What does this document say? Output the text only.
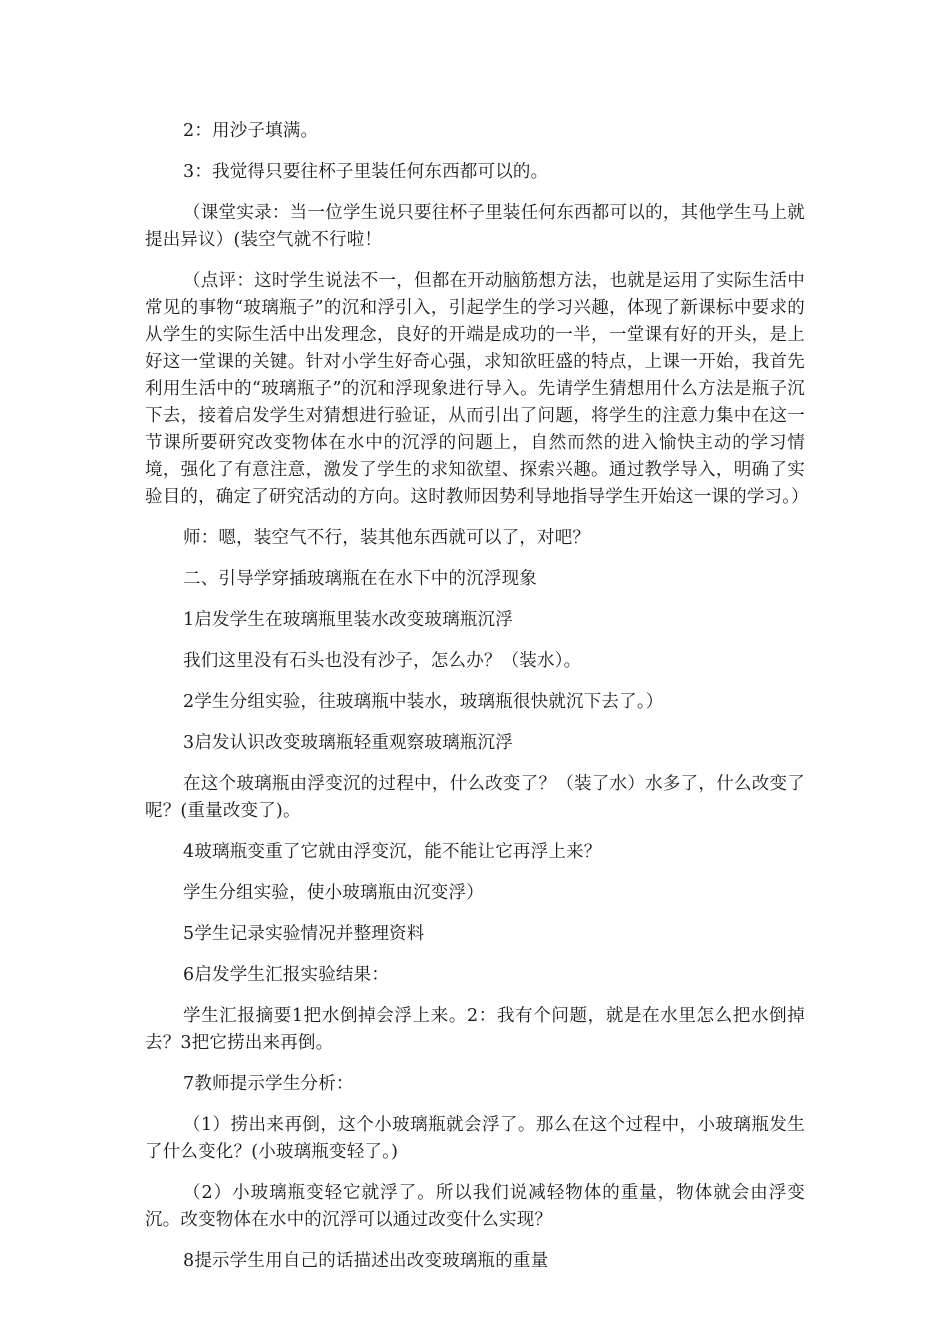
2：用沙子填满。

3：我觉得只要往杯子里装任何东西都可以的。

（课堂实录：当一位学生说只要往杯子里装任何东西都可以的，其他学生马上就提出异议）(装空气就不行啦！

（点评：这时学生说法不一，但都在开动脑筋想方法，也就是运用了实际生活中常见的事物“玻璃瓶子”的沉和浮引入，引起学生的学习兴趣，体现了新课标中要求的从学生的实际生活中出发理念，良好的开端是成功的一半，一堂课有好的开头，是上好这一堂课的关键。针对小学生好奇心强，求知欲旺盛的特点，上课一开始，我首先利用生活中的“玻璃瓶子”的沉和浮现象进行导入。先请学生猜想用什么方法是瓶子沉下去，接着启发学生对猜想进行验证，从而引出了问题，将学生的注意力集中在这一节课所要研究改变物体在水中的沉浮的问题上，自然而然的进入愉快主动的学习情境，强化了有意注意，激发了学生的求知欲望、探索兴趣。通过教学导入，明确了实验目的，确定了研究活动的方向。这时教师因势利导地指导学生开始这一课的学习。）

师：嗯，装空气不行，装其他东西就可以了，对吧？

二、引导学穿插玻璃瓶在在水下中的沉浮现象

1启发学生在玻璃瓶里装水改变玻璃瓶沉浮

我们这里没有石头也没有沙子，怎么办？（装水）。

2学生分组实验，往玻璃瓶中装水，玻璃瓶很快就沉下去了。）

3启发认识改变玻璃瓶轻重观察玻璃瓶沉浮

在这个玻璃瓶由浮变沉的过程中，什么改变了？（装了水）水多了，什么改变了呢？(重量改变了)。

4玻璃瓶变重了它就由浮变沉，能不能让它再浮上来？

学生分组实验，使小玻璃瓶由沉变浮）

5学生记录实验情况并整理资料

6启发学生汇报实验结果：

学生汇报摘要1把水倒掉会浮上来。2：我有个问题，就是在水里怎么把水倒掉去？3把它捞出来再倒。

7教师提示学生分析：

（1）捞出来再倒，这个小玻璃瓶就会浮了。那么在这个过程中，小玻璃瓶发生了什么变化？(小玻璃瓶变轻了。)

（2）小玻璃瓶变轻它就浮了。所以我们说减轻物体的重量，物体就会由浮变沉。改变物体在水中的沉浮可以通过改变什么实现？

8提示学生用自己的话描述出改变玻璃瓶的重量
